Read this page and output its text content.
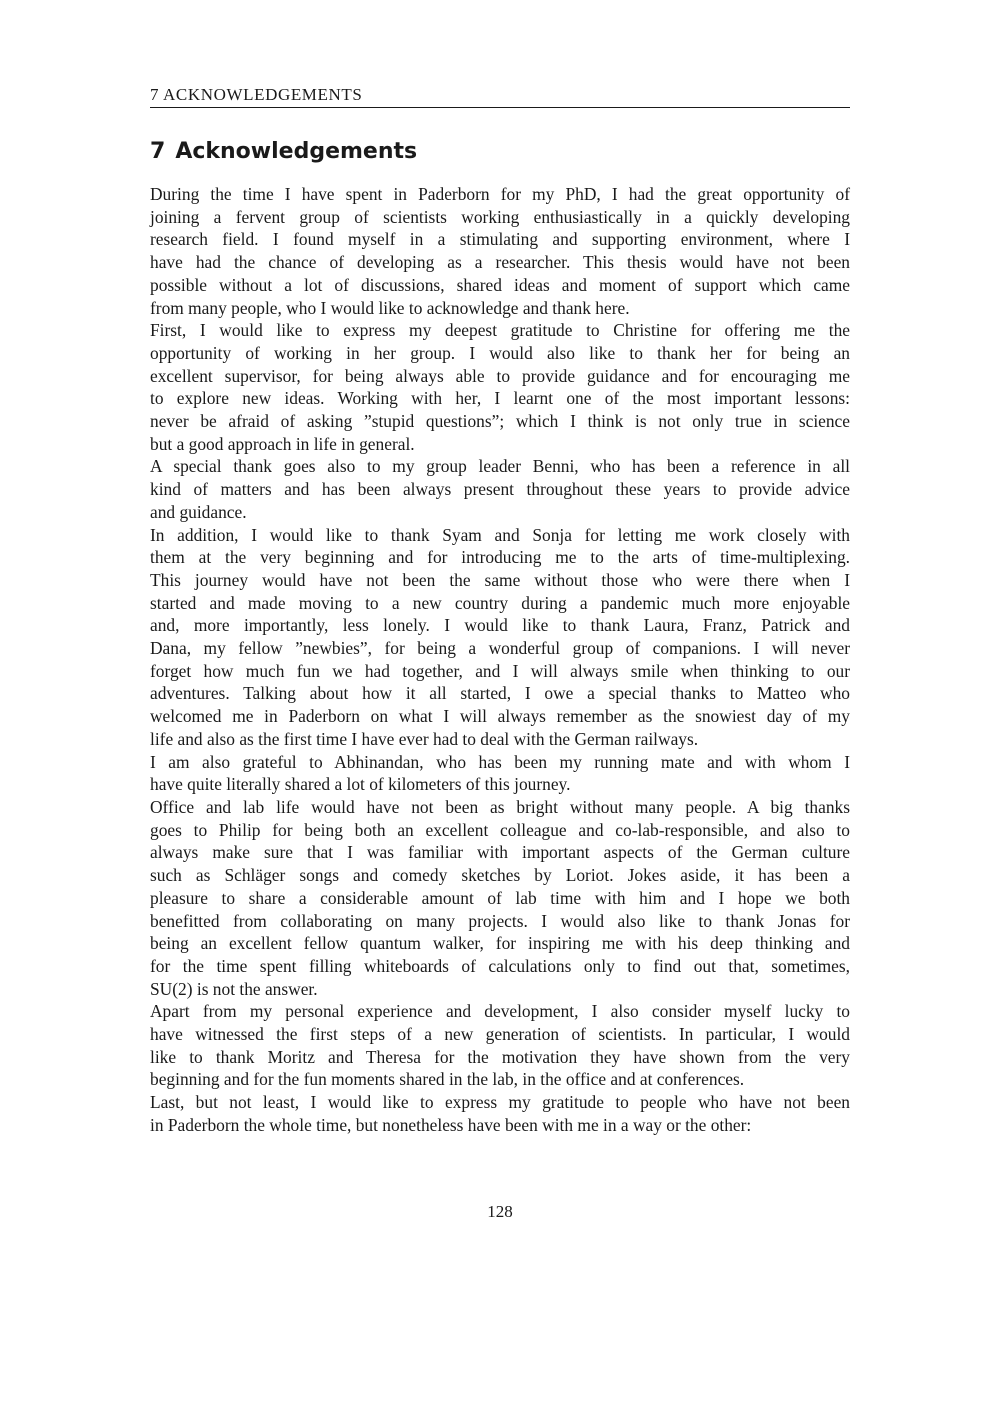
7 ACKNOWLEDGEMENTS
7 Acknowledgements

During the time I have spent in Paderborn for my PhD, I had the great opportunity of
joining a fervent group of scientists working enthusiastically in a quickly developing
research field. I found myself in a stimulating and supporting environment, where I
have had the chance of developing as a researcher. This thesis would have not been
possible without a lot of discussions, shared ideas and moment of support which came
from many people, who I would like to acknowledge and thank here.

First, I would like to express my deepest gratitude to Christine for offering me the
opportunity of working in her group. I would also like to thank her for being an
excellent supervisor, for being always able to provide guidance and for encouraging me
to explore new ideas. Working with her, I learnt one of the most important lessons:
never be afraid of asking ”stupid questions”; which I think is not only true in science
but a good approach in life in general.

A special thank goes also to my group leader Benni, who has been a reference in all
kind of matters and has been always present throughout these years to provide advice
and guidance.

In addition, I would like to thank Syam and Sonja for letting me work closely with
them at the very beginning and for introducing me to the arts of time-multiplexing.
This journey would have not been the same without those who were there when I
started and made moving to a new country during a pandemic much more enjoyable
and, more importantly, less lonely. I would like to thank Laura, Franz, Patrick and
Dana, my fellow ”newbies”, for being a wonderful group of companions. I will never
forget how much fun we had together, and I will always smile when thinking to our
adventures. Talking about how it all started, I owe a special thanks to Matteo who
welcomed me in Paderborn on what I will always remember as the snowiest day of my
life and also as the first time I have ever had to deal with the German railways.

I am also grateful to Abhinandan, who has been my running mate and with whom I
have quite literally shared a lot of kilometers of this journey.

Office and lab life would have not been as bright without many people. A big thanks
goes to Philip for being both an excellent colleague and co-lab-responsible, and also to
always make sure that I was familiar with important aspects of the German culture
such as Schläger songs and comedy sketches by Loriot. Jokes aside, it has been a
pleasure to share a considerable amount of lab time with him and I hope we both
benefitted from collaborating on many projects. I would also like to thank Jonas for
being an excellent fellow quantum walker, for inspiring me with his deep thinking and
for the time spent filling whiteboards of calculations only to find out that, sometimes,
SU(2) is not the answer.

Apart from my personal experience and development, I also consider myself lucky to
have witnessed the first steps of a new generation of scientists. In particular, I would
like to thank Moritz and Theresa for the motivation they have shown from the very
beginning and for the fun moments shared in the lab, in the office and at conferences.

Last, but not least, I would like to express my gratitude to people who have not been
in Paderborn the whole time, but nonetheless have been with me in a way or the other:

128
